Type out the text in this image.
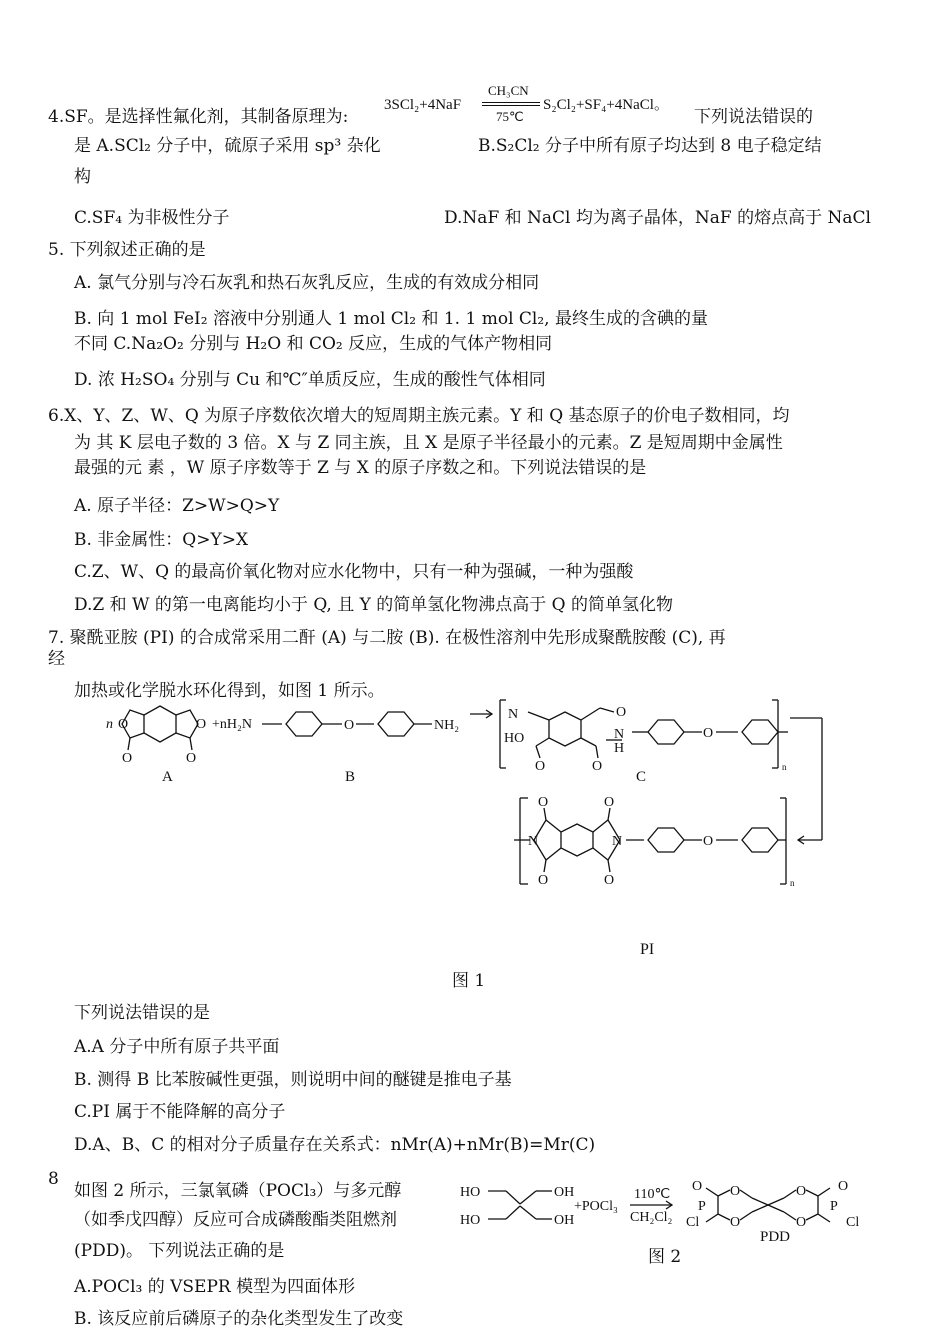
4.SF。是选择性氟化剂，其制备原理为:
3SCl₂+4NaF
CH₃CN
75℃
S₂Cl₂+SF₄+4NaCl。
下列说法错误的
是 A.SCl₂ 分子中，硫原子采用 sp³ 杂化	B.S₂Cl₂ 分子中所有原子均达到 8 电子稳定结
构
C.SF₄ 为非极性分子	D.NaF 和 NaCl 均为离子晶体，NaF 的熔点高于 NaCl
5. 下列叙述正确的是
A. 氯气分别与冷石灰乳和热石灰乳反应，生成的有效成分相同
B. 向 1 mol FeI₂ 溶液中分别通人 1 mol Cl₂ 和 1. 1 mol Cl₂, 最终生成的含碘的量
不同 C.Na₂O₂ 分别与 H₂O 和 CO₂ 反应，生成的气体产物相同
D. 浓 H₂SO₄ 分别与 Cu 和℃″单质反应，生成的酸性气体相同
6.X、Y、Z、W、Q 为原子序数依次增大的短周期主族元素。Y 和 Q 基态原子的价电子数相同，均
为 其 K 层电子数的 3 倍。X 与 Z 同主族，且 X 是原子半径最小的元素。Z 是短周期中金属性
最强的元 素 ，W 原子序数等于 Z 与 X 的原子序数之和。下列说法错误的是
A. 原子半径：Z>W>Q>Y
B. 非金属性：Q>Y>X
C.Z、W、Q 的最高价氧化物对应水化物中，只有一种为强碱，一种为强酸
D.Z 和 W 的第一电离能均小于 Q, 且 Y 的简单氢化物沸点高于 Q 的简单氢化物
7. 聚酰亚胺 (PI) 的合成常采用二酐 (A) 与二胺 (B). 在极性溶剂中先形成聚酰胺酸 (C), 再
经
加热或化学脱水环化得到，如图 1 所示。
n O	O
O	O
+nH₂N	O	NH₂
N
HO
O	O
O
N
H
O
n
N	N
O	O
O	O
O
n
A	B	C
PI
图 1
下列说法错误的是
A.A 分子中所有原子共平面
B. 测得 B 比苯胺碱性更强，则说明中间的醚键是推电子基
C.PI 属于不能降解的高分子
D.A、B、C 的相对分子质量存在关系式：nMr(A)+nMr(B)=Mr(C)
8
如图 2 所示，三氯氧磷（POCl₃）与多元醇
（如季戊四醇）反应可合成磷酸酯类阻燃剂
(PDD)。 下列说法正确的是
HO
HO
OH
OH
+POCl₃
110℃
CH₂Cl₂
O
P
Cl
O
O
O
O
P
O
Cl
PDD
图 2
A.POCl₃ 的 VSEPR 模型为四面体形
B. 该反应前后磷原子的杂化类型发生了改变
